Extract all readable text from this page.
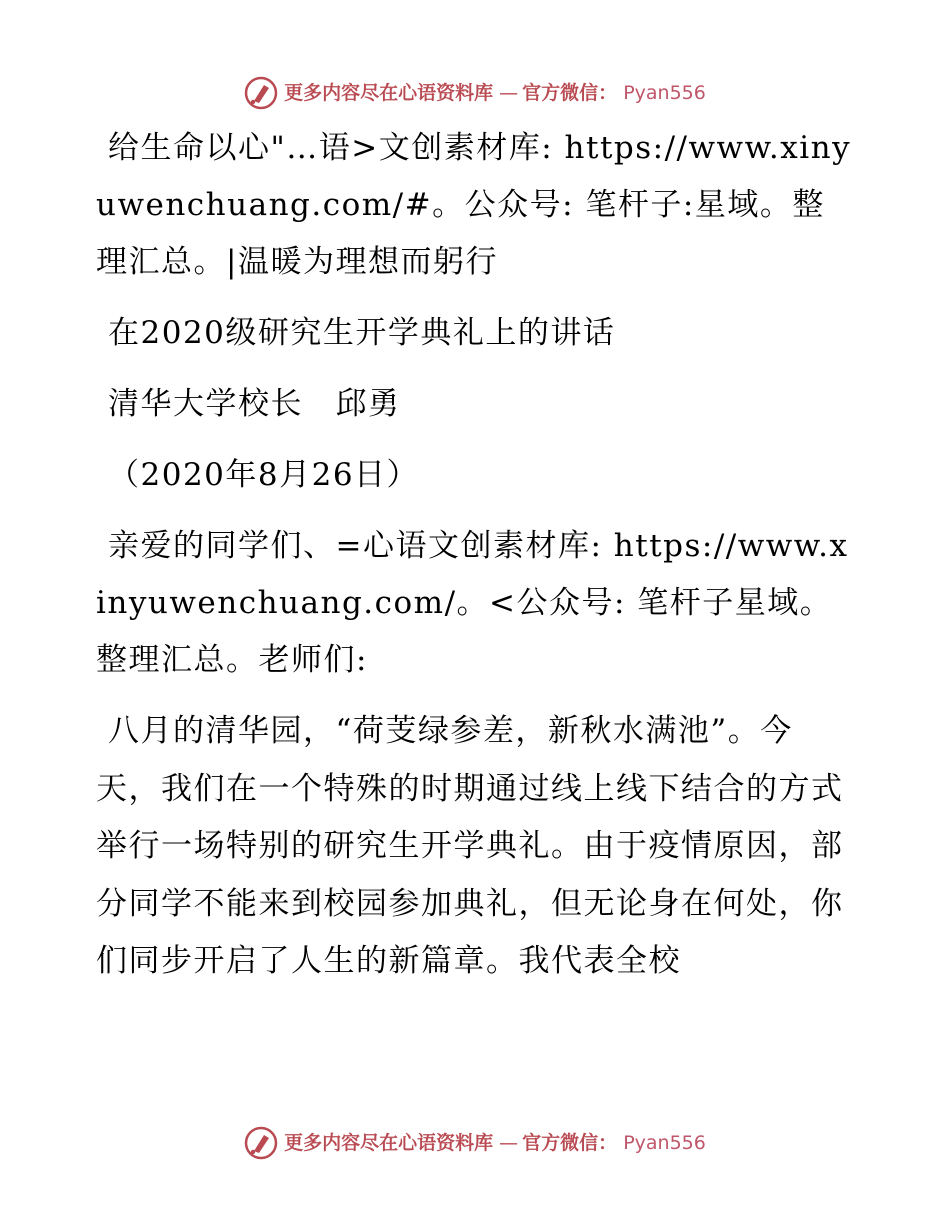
更多内容尽在心语资料库 — 官方微信： Pyan556

给生命以心"…语>文创素材库: https://www.xinyuwenchuang.com/#。公众号: 笔杆子:星域。整理汇总。|温暖为理想而躬行

在2020级研究生开学典礼上的讲话

清华大学校长　邱勇

（2020年8月26日）

亲爱的同学们、=心语文创素材库: https://www.xinyuwenchuang.com/。<公众号: 笔杆子星域。整理汇总。老师们:

八月的清华园，“荷芰绿参差，新秋水满池”。今天，我们在一个特殊的时期通过线上线下结合的方式举行一场特别的研究生开学典礼。由于疫情原因，部分同学不能来到校园参加典礼，但无论身在何处，你们同步开启了人生的新篇章。我代表全校

更多内容尽在心语资料库 — 官方微信： Pyan556
